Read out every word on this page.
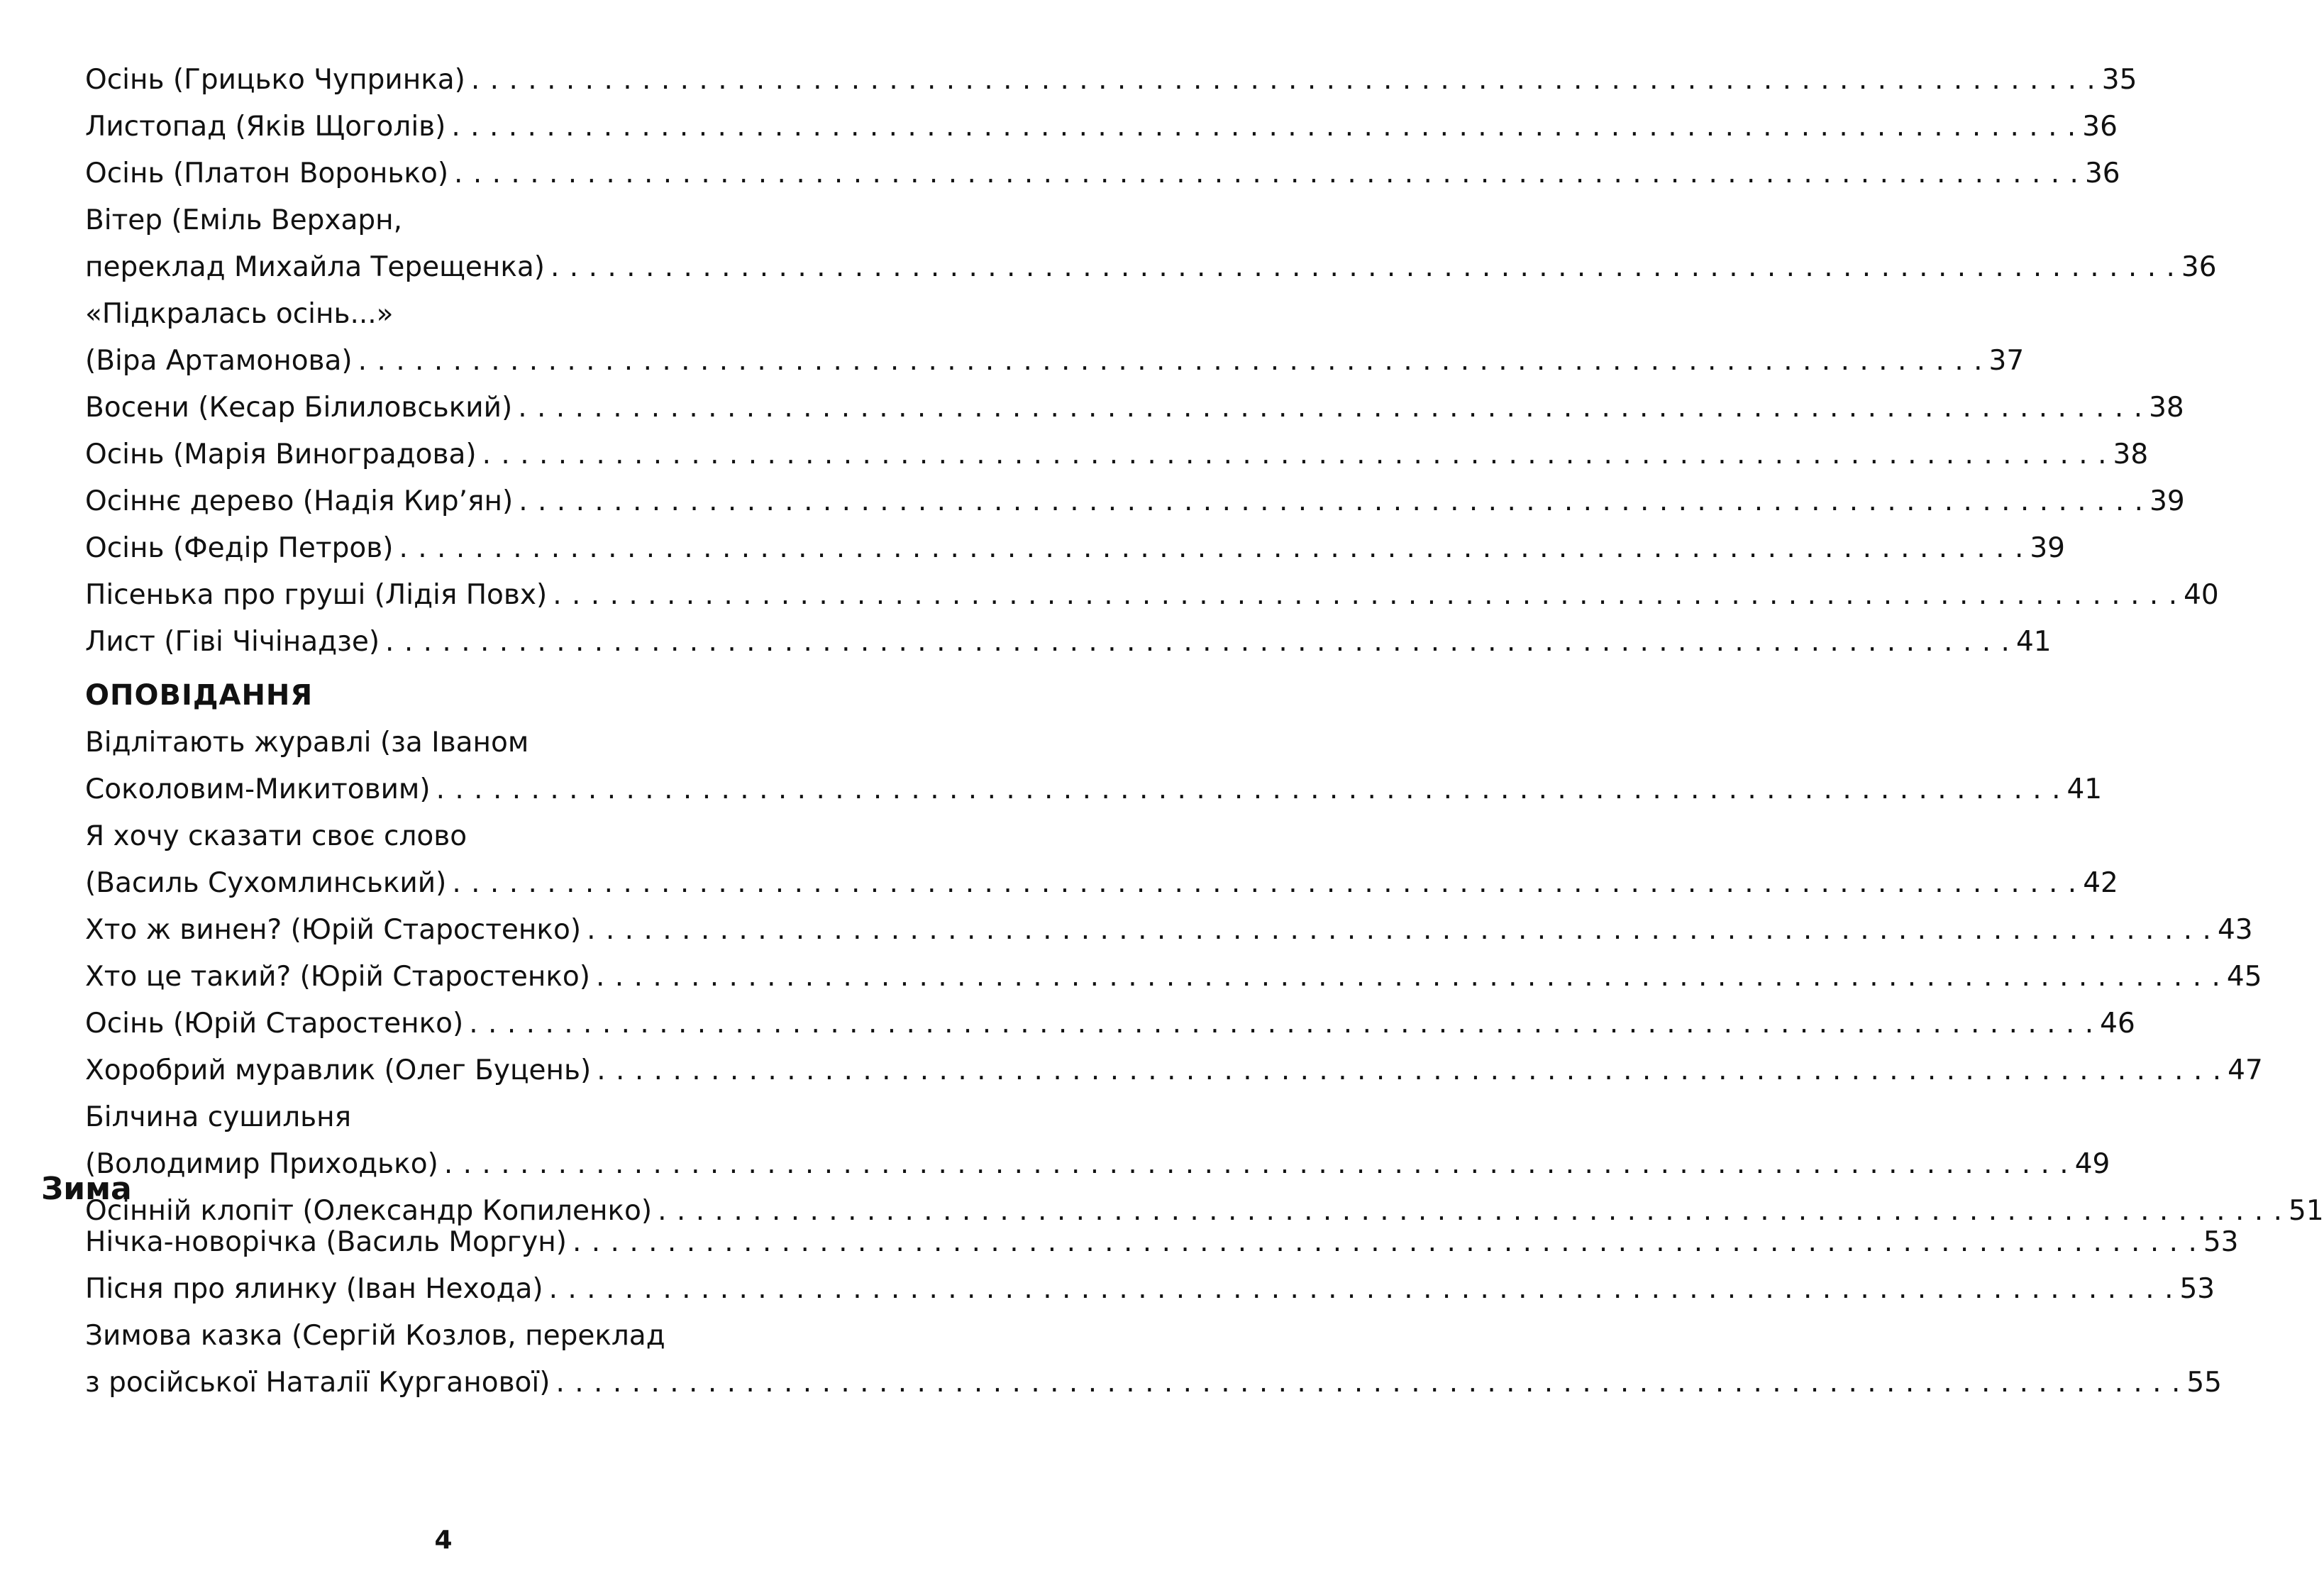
Осінь (Грицько Чупринка) . . .	35
Листопад (Яків Щоголів) . . .	36
Осінь (Платон Воронько) . . .	36
Вітер (Еміль Верхарн,
переклад Михайла Терещенка) . . .	36
«Підкралась осінь...»
(Віра Артамонова) . . .	37
Восени (Кесар Білиловський) . . .	38
Осінь (Марія Виноградова) . . .	38
Осіннє дерево (Надія Кир’ян) . . .	39
Осінь (Федір Петров) . . .	39
Пісенька про груші (Лідія Повх) . . .	40
Лист (Гіві Чічінадзе) . . .	41
ОПОВІДАННЯ
Відлітають журавлі (за Іваном
Соколовим-Микитовим) . . .	41
Я хочу сказати своє слово
(Василь Сухомлинський) . . .	42
Хто ж винен? (Юрій Старостенко) . . .	43
Хто це такий? (Юрій Старостенко) . . .	45
Осінь (Юрій Старостенко) . . .	46
Хоробрий муравлик (Олег Буцень) . . .	47
Білчина сушильня
(Володимир Приходько) . . .	49
Осінній клопіт (Олександр Копиленко) . . .	51
Зима
Нічка-новорічка (Василь Моргун) . . .	53
Пісня про ялинку (Іван Нехода) . . .	53
Зимова казка (Сергій Козлов, переклад
з російської Наталії Курганової) . . .	55
4
